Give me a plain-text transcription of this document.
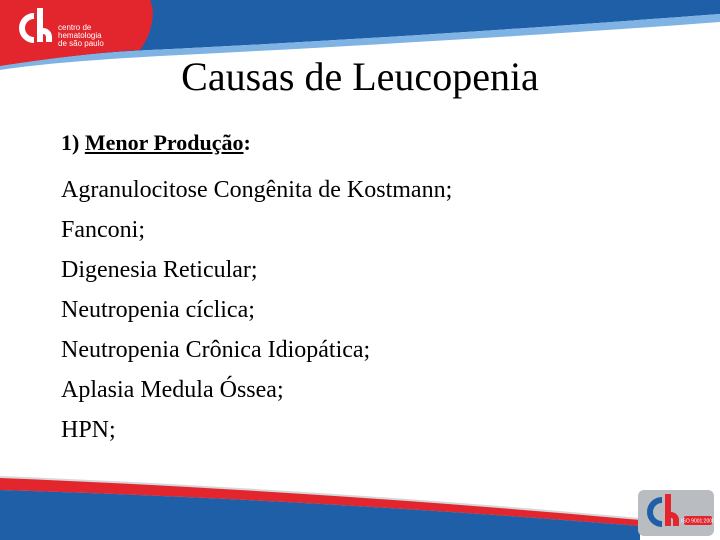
centro de
hematologia
de são paulo
Causas de Leucopenia
1) Menor Produção:
Agranulocitose Congênita de Kostmann;
Fanconi;
Digenesia Reticular;
Neutropenia cíclica;
Neutropenia Crônica Idiopática;
Aplasia Medula Óssea;
HPN;
ISO 9001:2000
